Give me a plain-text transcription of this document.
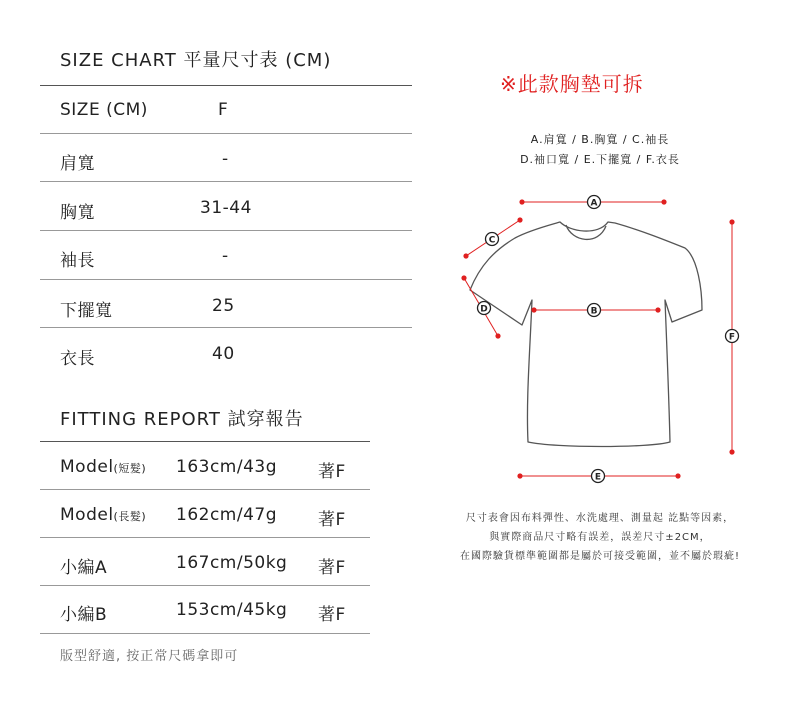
SIZE CHART 平量尺寸表 (CM)
SIZE (CM)	F
肩寬	-
胸寬	31-44
袖長	-
下擺寬	25
衣長	40
FITTING REPORT 試穿報告
Model(短髮) 163cm/43g 著F
Model(長髮) 162cm/47g 著F
小編A	167cm/50kg 著F
小編B	153cm/45kg 著F
版型舒適, 按正常尺碼拿即可
※此款胸墊可拆
A.肩寬 / B.胸寬 / C.袖長
D.袖口寬 / E.下擺寬 / F.衣長
A
C
D	B
E
F
尺寸表會因布料彈性、水洗處理、測量起 訖點等因素，
與實際商品尺寸略有誤差，誤差尺寸±2CM，
在國際驗貨標準範圍都是屬於可接受範圍，並不屬於瑕疵!
